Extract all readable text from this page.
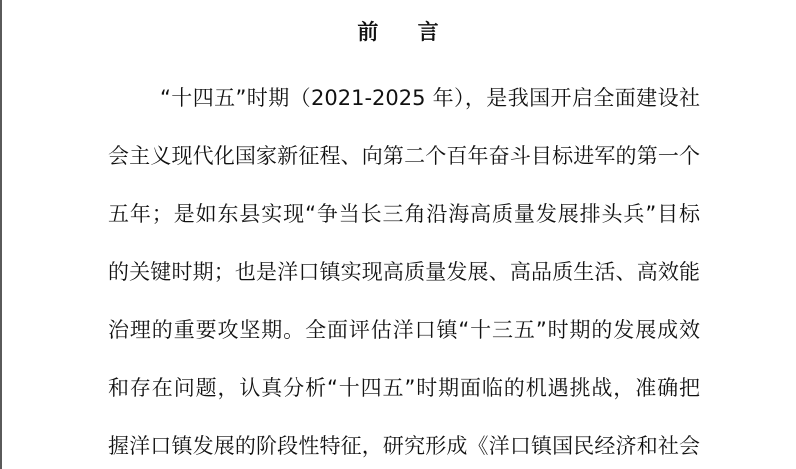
前 言
“十四五”时期（2021-2025 年），是我国开启全面建设社
会主义现代化国家新征程、向第二个百年奋斗目标进军的第一个
五年；是如东县实现“争当长三角沿海高质量发展排头兵”目标
的关键时期；也是洋口镇实现高质量发展、高品质生活、高效能
治理的重要攻坚期。全面评估洋口镇“十三五”时期的发展成效
和存在问题，认真分析“十四五”时期面临的机遇挑战，准确把
握洋口镇发展的阶段性特征，研究形成《洋口镇国民经济和社会
